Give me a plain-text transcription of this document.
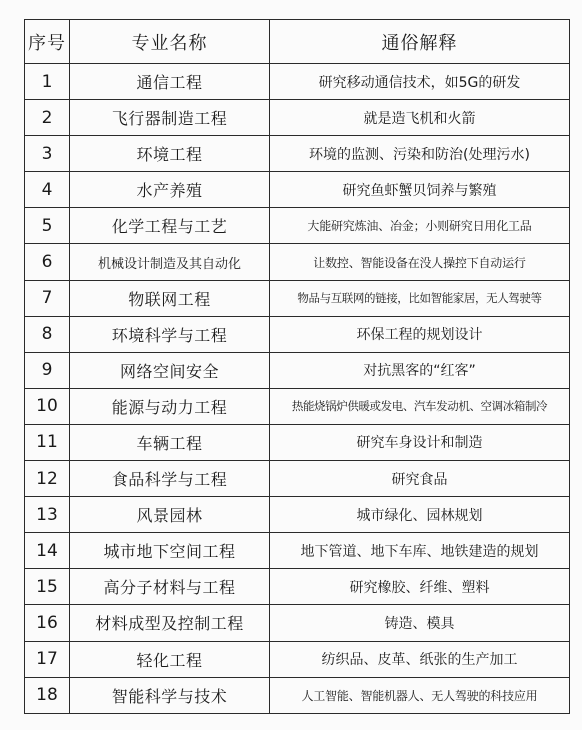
序号	专业名称	通俗解释
1	通信工程	研究移动通信技术，如5G的研发
2	飞行器制造工程	就是造飞机和火箭
3	环境工程	环境的监测、污染和防治(处理污水)
4	水产养殖	研究鱼虾蟹贝饲养与繁殖
5	化学工程与工艺	大能研究炼油、冶金；小则研究日用化工品
6	机械设计制造及其自动化	让数控、智能设备在没人操控下自动运行
7	物联网工程	物品与互联网的链接，比如智能家居，无人驾驶等
8	环境科学与工程	环保工程的规划设计
9	网络空间安全	对抗黑客的“红客”
10	能源与动力工程	热能烧锅炉供暖或发电、汽车发动机、空调冰箱制冷
11	车辆工程	研究车身设计和制造
12	食品科学与工程	研究食品
13	风景园林	城市绿化、园林规划
14	城市地下空间工程	地下管道、地下车库、地铁建造的规划
15	高分子材料与工程	研究橡胶、纤维、塑料
16	材料成型及控制工程	铸造、模具
17	轻化工程	纺织品、皮革、纸张的生产加工
18	智能科学与技术	人工智能、智能机器人、无人驾驶的科技应用
